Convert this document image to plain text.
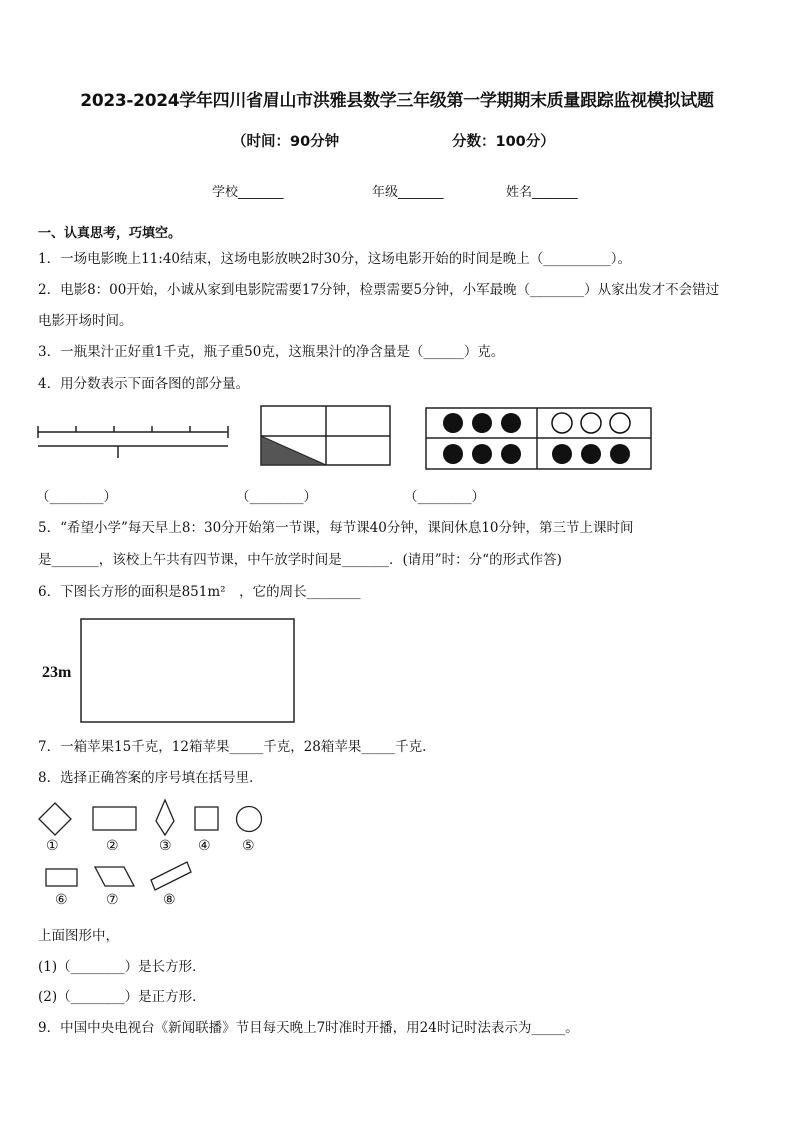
2023-2024学年四川省眉山市洪雅县数学三年级第一学期期末质量跟踪监视模拟试题
（时间：90分钟	分数：100分）
学校_______	年级_______	姓名_______
一、认真思考，巧填空。
1．一场电影晚上11:40结束，这场电影放映2时30分，这场电影开始的时间是晚上（__________）。
2．电影8：00开始，小诚从家到电影院需要17分钟，检票需要5分钟，小军最晚（________）从家出发才不会错过
电影开场时间。
3．一瓶果汁正好重1千克，瓶子重50克，这瓶果汁的净含量是（______）克。
4．用分数表示下面各图的部分量。
（________）	（________）	（________）
5．“希望小学”每天早上8：30分开始第一节课，每节课40分钟，课间休息10分钟，第三节上课时间
是_______，该校上午共有四节课，中午放学时间是_______．(请用”时：分“的形式作答)
6．下图长方形的面积是851m²　，它的周长________
23m
7．一箱苹果15千克，12箱苹果_____千克，28箱苹果_____千克.
8．选择正确答案的序号填在括号里．
①	②	③ ④ ⑤
⑥	⑦	⑧
上面图形中，
(1)（________）是长方形．
(2)（________）是正方形．
9．中国中央电视台《新闻联播》节目每天晚上7时准时开播，用24时记时法表示为_____。
